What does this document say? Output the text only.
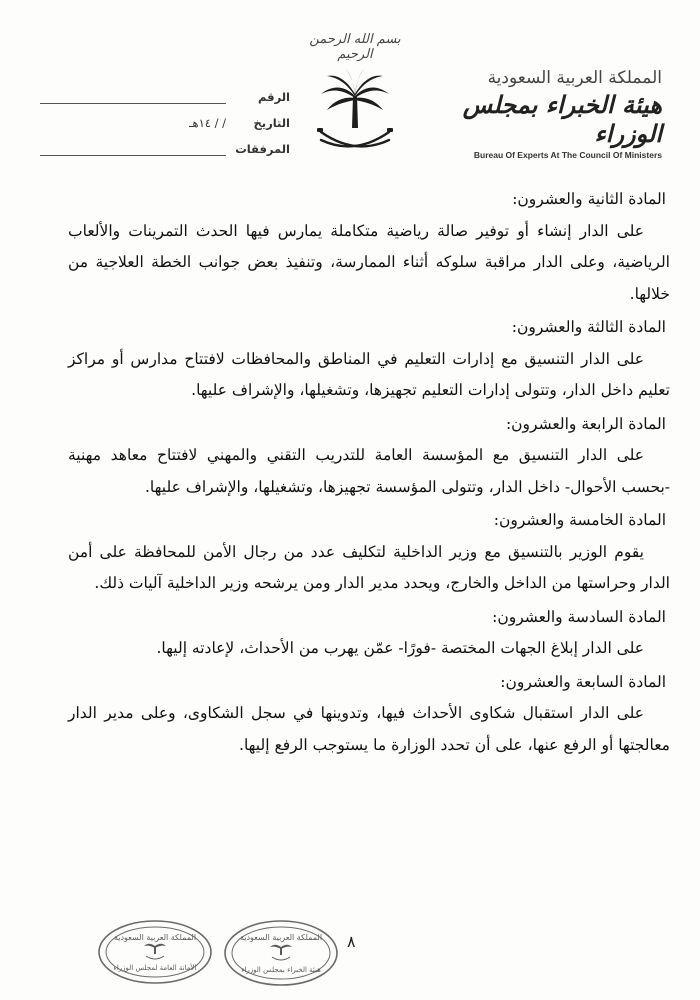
المملكة العربية السعودية
هيئة الخبراء بمجلس الوزراء
Bureau Of Experts At The Council Of Ministers
بسم الله الرحمن الرحيم
الرقم
التاريخ
/ / ١٤هـ
المرفقات

المادة الثانية والعشرون:

على الدار إنشاء أو توفير صالة رياضية متكاملة يمارس فيها الحدث التمرينات والألعاب الرياضية، وعلى الدار مراقبة سلوكه أثناء الممارسة، وتنفيذ بعض جوانب الخطة العلاجية من خلالها.

المادة الثالثة والعشرون:

على الدار التنسيق مع إدارات التعليم في المناطق والمحافظات لافتتاح مدارس أو مراكز تعليم داخل الدار، وتتولى إدارات التعليم تجهيزها، وتشغيلها، والإشراف عليها.

المادة الرابعة والعشرون:

على الدار التنسيق مع المؤسسة العامة للتدريب التقني والمهني لافتتاح معاهد مهنية -بحسب الأحوال- داخل الدار، وتتولى المؤسسة تجهيزها، وتشغيلها، والإشراف عليها.

المادة الخامسة والعشرون:

يقوم الوزير بالتنسيق مع وزير الداخلية لتكليف عدد من رجال الأمن للمحافظة على أمن الدار وحراستها من الداخل والخارج، ويحدد مدير الدار ومن يرشحه وزير الداخلية آليات ذلك.

المادة السادسة والعشرون:

على الدار إبلاغ الجهات المختصة -فورًا- عمّن يهرب من الأحداث، لإعادته إليها.

المادة السابعة والعشرون:

على الدار استقبال شكاوى الأحداث فيها، وتدوينها في سجل الشكاوى، وعلى مدير الدار معالجتها أو الرفع عنها، على أن تحدد الوزارة ما يستوجب الرفع إليها.

٨
المملكة العربية السعودية
الأمانة العامة لمجلس الوزراء
المملكة العربية السعودية
هيئة الخبراء بمجلس الوزراء
